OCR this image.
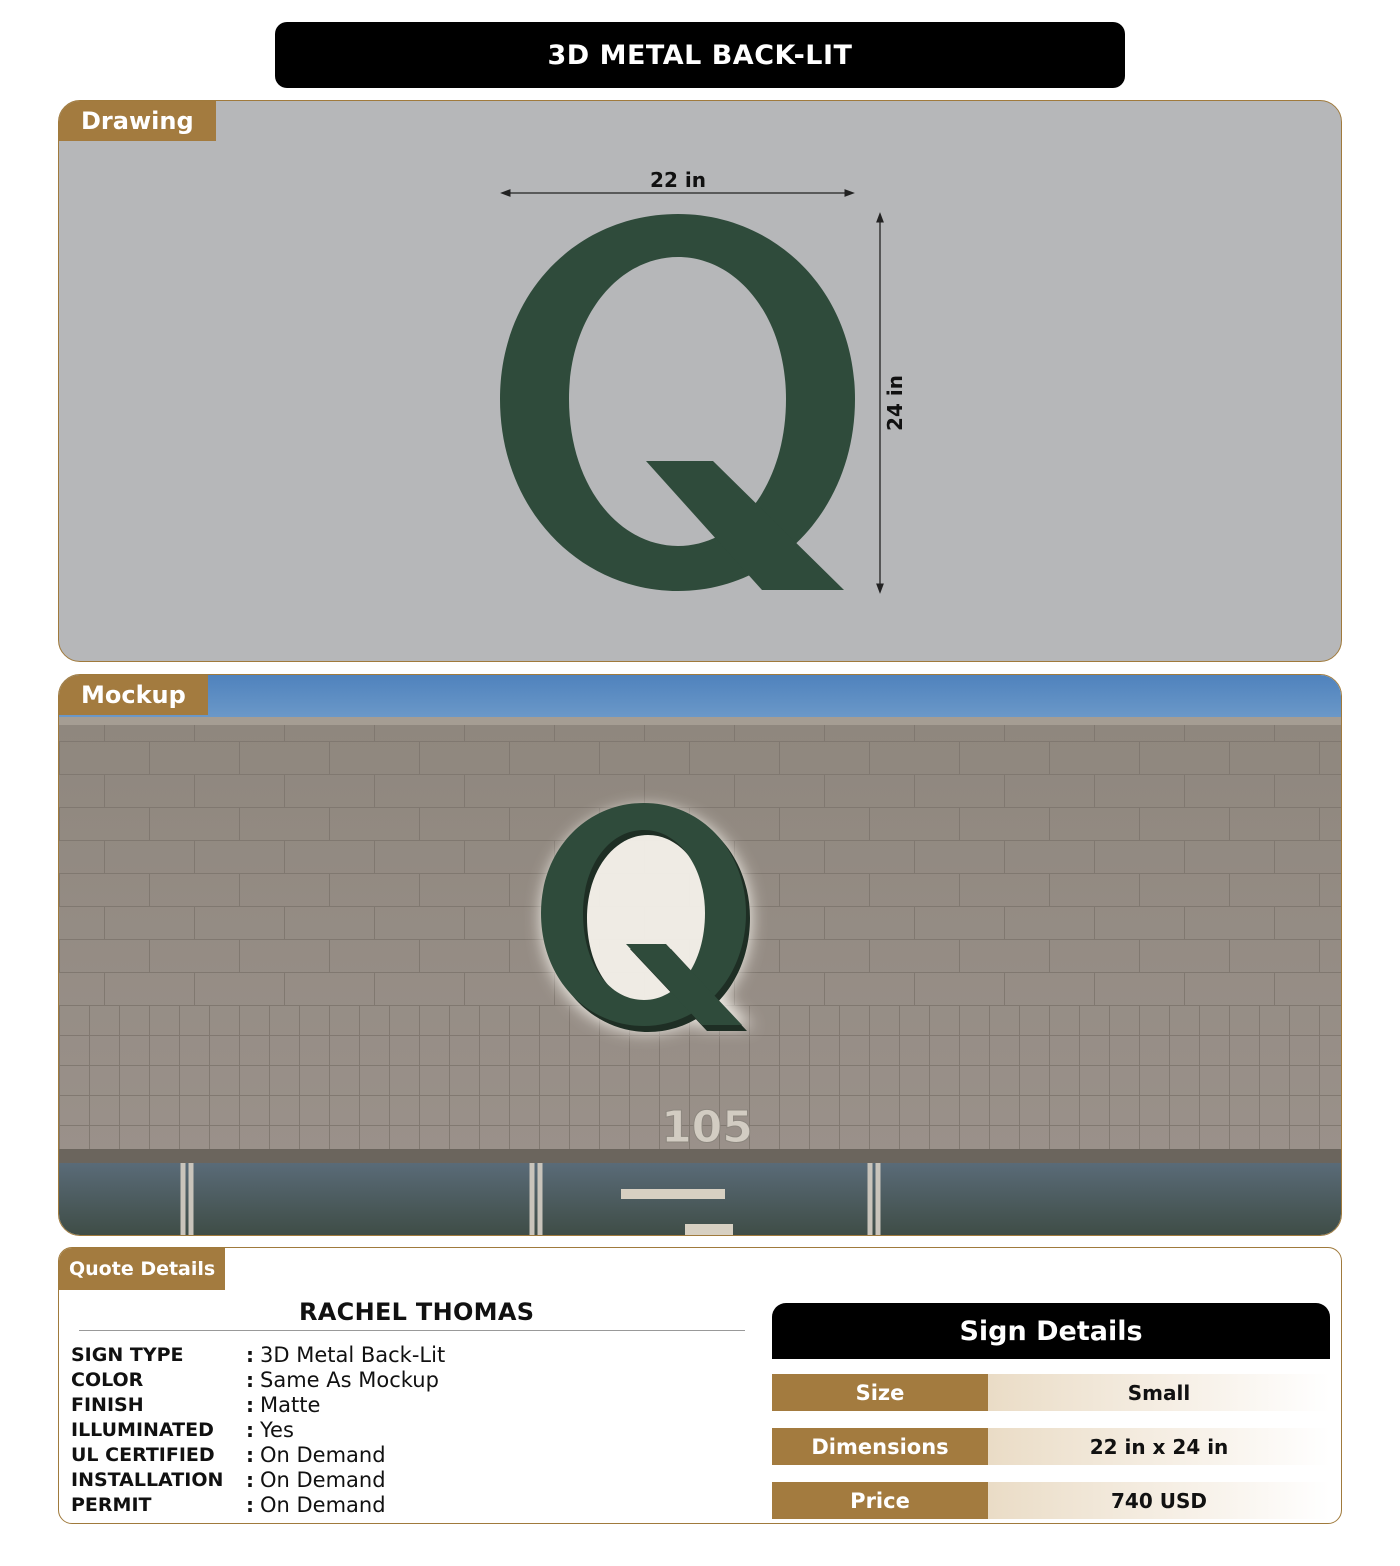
3D METAL BACK-LIT
Drawing
22 in
24 in
105
Mockup
Quote Details
RACHEL THOMAS
SIGN TYPE	: 3D Metal Back-Lit
COLOR	: Same As Mockup
FINISH	: Matte
ILLUMINATED	: Yes
UL CERTIFIED	: On Demand
INSTALLATION	: On Demand
PERMIT	: On Demand
Sign Details
Size	Small
Dimensions	22 in x 24 in
Price	740 USD
